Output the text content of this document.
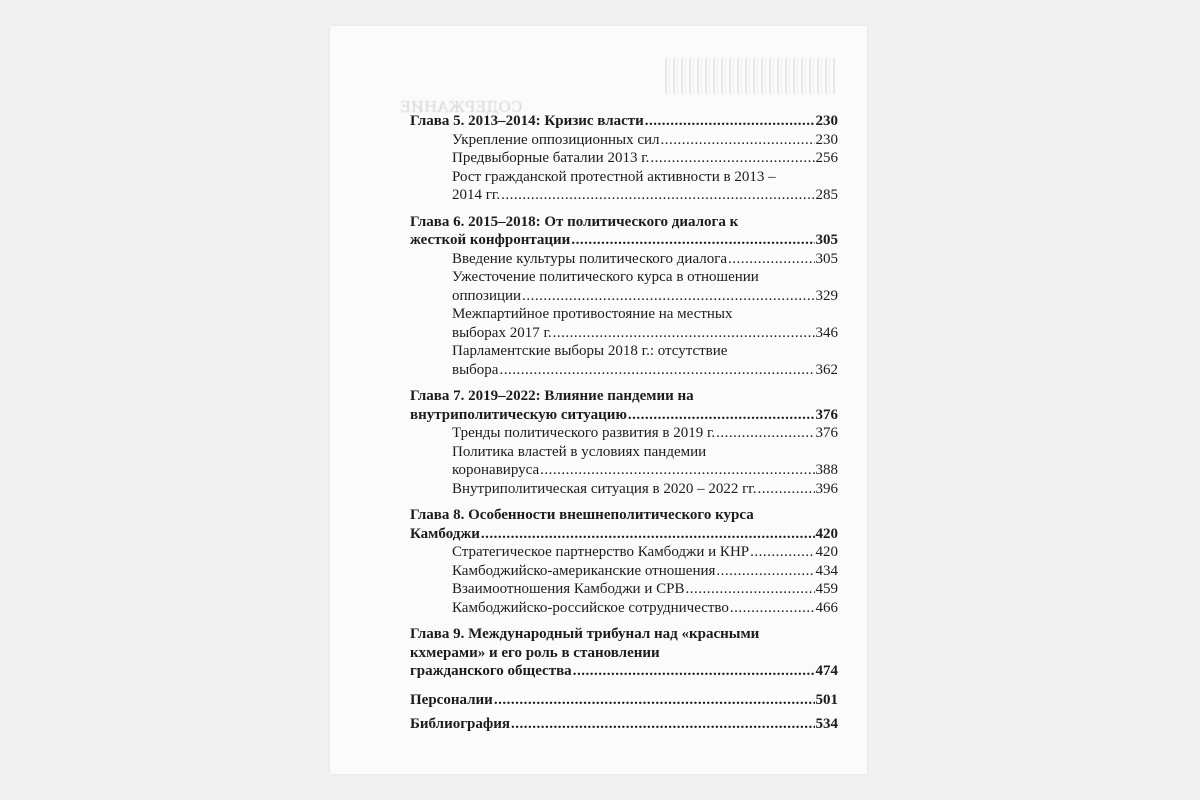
СОДЕРЖАНИЕ
Глава 5. 2013–2014: Кризис власти .....	230
Укрепление оппозиционных сил .....	230
Предвыборные баталии 2013 г. .....	256
Рост гражданской протестной активности в 2013 –
2014 гг. .....	285
Глава 6. 2015–2018: От политического диалога к
жесткой конфронтации .....	305
Введение культуры политического диалога .....	305
Ужесточение политического курса в отношении
оппозиции .....	329
Межпартийное противостояние на местных
выборах 2017 г. .....	346
Парламентские выборы 2018 г.: отсутствие
выбора .....	362
Глава 7. 2019–2022: Влияние пандемии на
внутриполитическую ситуацию .....	376
Тренды политического развития в 2019 г. .....	376
Политика властей в условиях пандемии
коронавируса .....	388
Внутриполитическая ситуация в 2020 – 2022 гг. .....	396
Глава 8. Особенности внешнеполитического курса
Камбоджи .....	420
Стратегическое партнерство Камбоджи и КНР .....	420
Камбоджийско-американские отношения .....	434
Взаимоотношения Камбоджи и СРВ .....	459
Камбоджийско-российское сотрудничество .....	466
Глава 9. Международный трибунал над «красными
кхмерами» и его роль в становлении
гражданского общества .....	474
Персоналии .....	501
Библиография .....	534
